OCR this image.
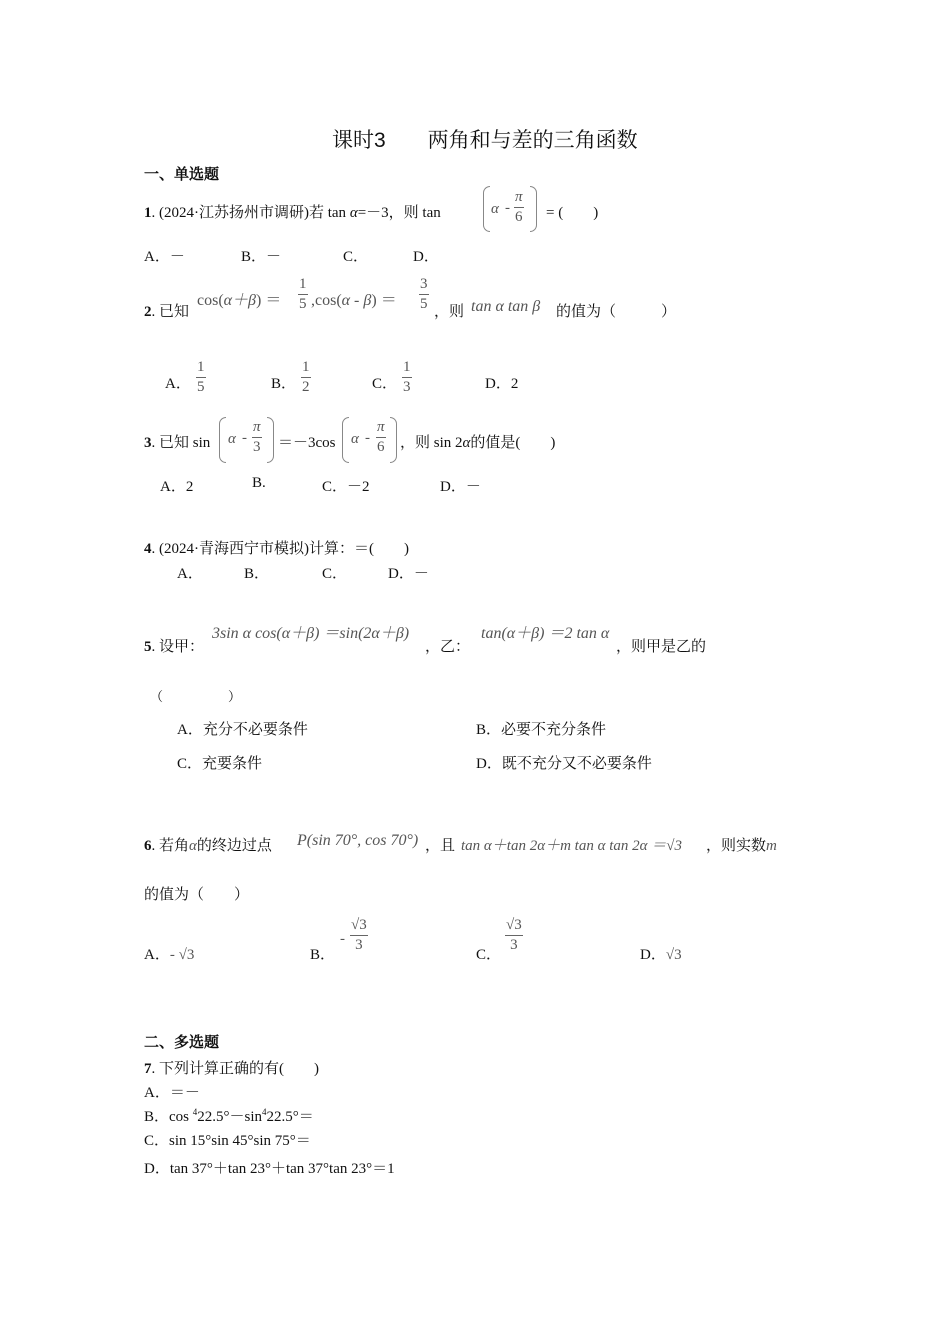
课时3　　两角和与差的三角函数
一、单选题
1. (2024·江苏扬州市调研)若 tan α=－3，则 tan	α - $\frac{\pi}{6}$ = (　　)
A．－	B．－	C．	D．
2. 已知
$\cos(\alpha+\beta) = \frac{1}{5} ,\cos(\alpha - \beta) = \frac{3}{5}$ ，则 tan α tan β 的值为（　　　）
A． $\frac{1}{5}$	B． $\frac{1}{2}$	C． $\frac{1}{3}$	D．2
3. 已知 $\sin \alpha - \frac{\pi}{3} =-3\cos$ α - $\frac{\pi}{6}$ ，则 sin 2α的值是(　　)
A．2	B.	C．－2	D．－
4. (2024·青海西宁市模拟)计算：＝(　　)
A．	B．	C．	D．－
5. 设甲：
3sin α cos(α＋β) ＝sin(2α＋β)
，乙：
tan(α＋β) ＝2 tan α
，则甲是乙的
（　　　　　）
A．充分不必要条件	B．必要不充分条件
C．充要条件	D．既不充分又不必要条件
6. 若角α的终边过点 P(sin 70°, cos 70°) ，且 tan α＋tan 2α＋m tan α tan 2α ＝√3 ，则实数m
的值为（　　）
A．- √3	B．
- $\frac{√3}{3}$	C． $\frac{√3}{3}$	D．√3
二、多选题
7. 下列计算正确的有(　　)
A．＝－
B．$\cos ^422.5^\circ-\sin^422.5^\circ=$
C．sin 15°sin 45°sin 75°＝
D．tan 37°＋tan 23°＋tan 37°tan 23°＝1
